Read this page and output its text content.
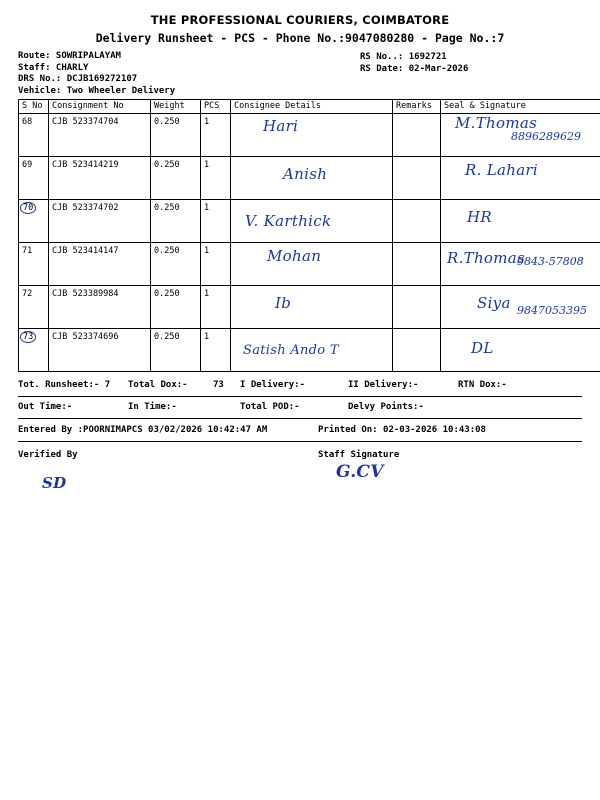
THE PROFESSIONAL COURIERS, COIMBATORE
Delivery Runsheet - PCS - Phone No.:9047080280 - Page No.:7
Route: SOWRIPALAYAM
Staff: CHARLY
DRS No.: DCJB169272107
Vehicle: Two Wheeler Delivery
RS No..: 1692721
RS Date: 02-Mar-2026
S No	Consignment No	Weight	PCS	Consignee Details	Remarks	Seal & Signature
68	CJB 523374704	0.250	1	Hari		M.Thomas
8896289629

69	CJB 523414219	0.250	1	Anish		R. Lahari

70	CJB 523374702	0.250	1	V. Karthick		HR

71	CJB 523414147	0.250	1	Mohan		R.Thomas
9843-57808

72	CJB 523389984	0.250	1	Ib		Siya 9847053395

73	CJB 523374696	0.250	1	Satish Ando T		DL
Tot. Runsheet:- 7 Total Dox:-	73 I Delivery:-	II Delivery:-	RTN Dox:-
Out Time:-	In Time:-	Total POD:-	Delvy Points:-
Entered By :POORNIMAPCS 03/02/2026 10:42:47 AM	Printed On: 02-03-2026 10:43:08
Verified By	Staff Signature
SD
G.CV
